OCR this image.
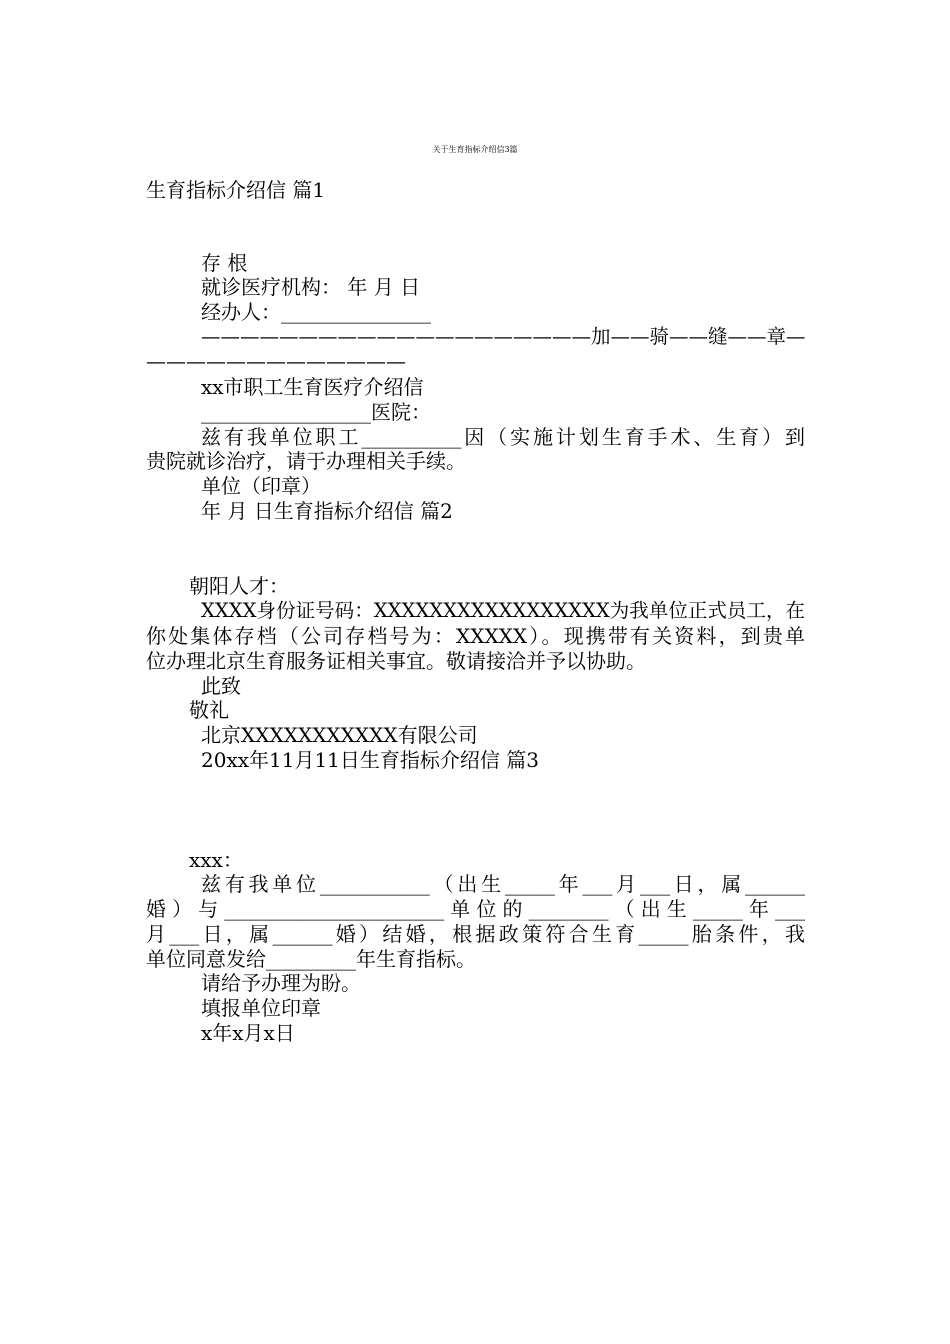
关于生育指标介绍信3篇
生育指标介绍信 篇1
存 根
就诊医疗机构： 年 月 日
经办人：_______________
————————————————————加——骑——缝——章—
—————————————
xx市职工生育医疗介绍信
_________________医院：
兹有我单位职工__________因（实施计划生育手术、生育）到
贵院就诊治疗，请于办理相关手续。
单位（印章）
年 月 日生育指标介绍信 篇2
朝阳人才：
XXXX身份证号码：XXXXXXXXXXXXXXXXX为我单位正式员工，在
你处集体存档（公司存档号为：XXXXX）。现携带有关资料，到贵单
位办理北京生育服务证相关事宜。敬请接洽并予以协助。
此致
敬礼
北京XXXXXXXXXXX有限公司
20xx年11月11日生育指标介绍信 篇3
xxx：
兹有我单位___________（出生_____年___月___日，属______
婚）与______________________单位的________（出生_____年___
月___日，属______婚）结婚，根据政策符合生育_____胎条件，我
单位同意发给_________年生育指标。
请给予办理为盼。
填报单位印章
x年x月x日
